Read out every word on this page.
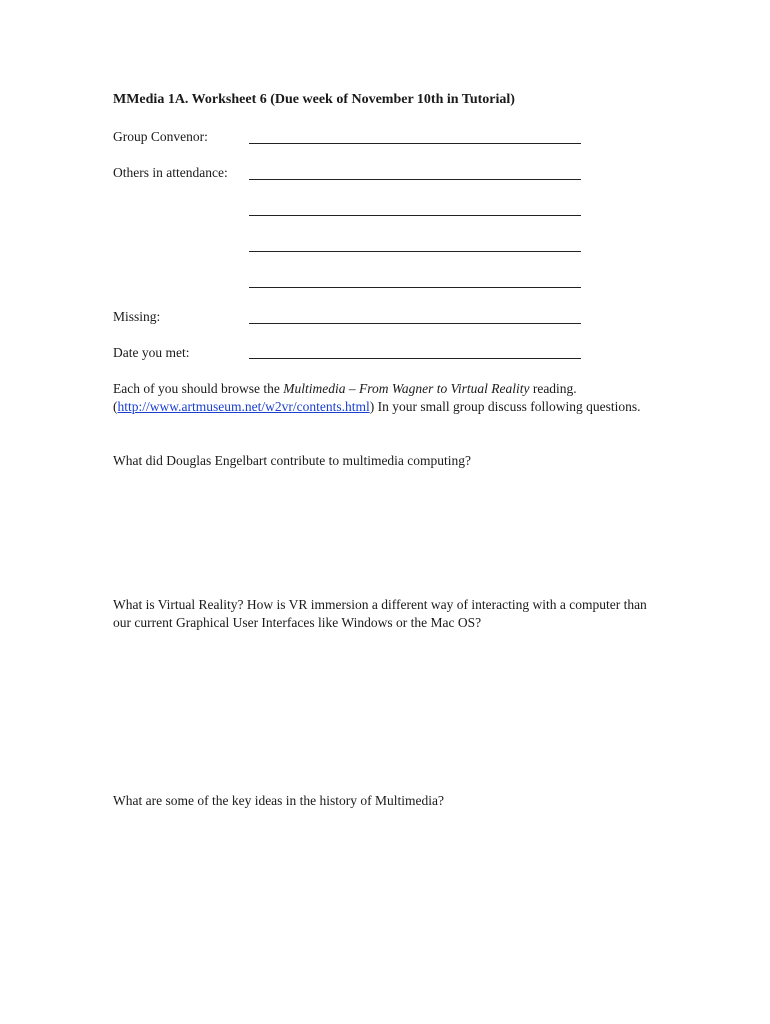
MMedia 1A. Worksheet 6 (Due week of November 10th in Tutorial)
Group Convenor:
Others in attendance:
Missing:
Date you met:
Each of you should browse the Multimedia – From Wagner to Virtual Reality reading.
(http://www.artmuseum.net/w2vr/contents.html) In your small group discuss following questions.
What did Douglas Engelbart contribute to multimedia computing?
What is Virtual Reality? How is VR immersion a different way of interacting with a computer than our current Graphical User Interfaces like Windows or the Mac OS?
What are some of the key ideas in the history of Multimedia?
